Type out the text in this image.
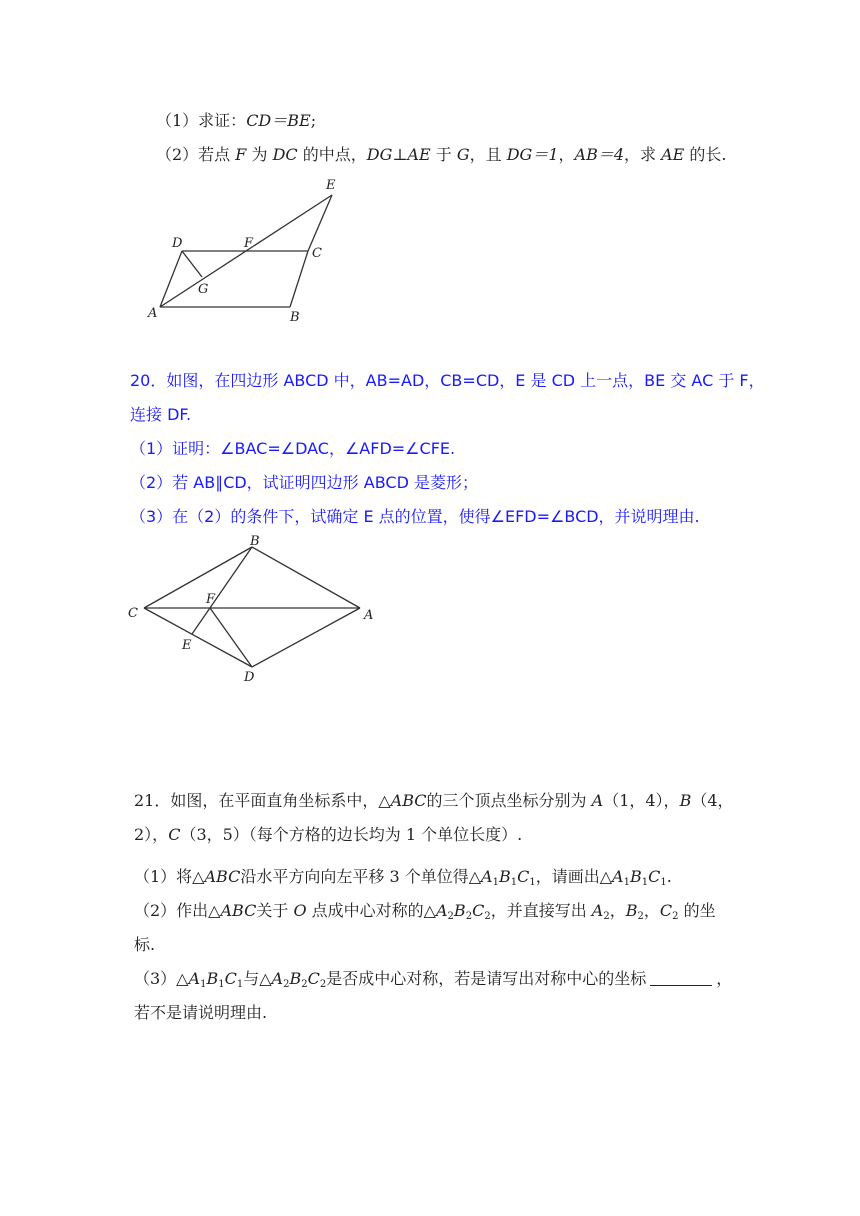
（1）求证：CD＝BE;
（2）若点 F 为 DC 的中点，DG⊥AE 于 G，且 DG＝1，AB＝4，求 AE 的长.
A	B
C
D
E
F
G
20．如图，在四边形 ABCD 中，AB=AD，CB=CD，E 是 CD 上一点，BE 交 AC 于 F，
连接 DF.
（1）证明：∠BAC=∠DAC，∠AFD=∠CFE.
（2）若 AB∥CD，试证明四边形 ABCD 是菱形；
（3）在（2）的条件下，试确定 E 点的位置，使得∠EFD=∠BCD，并说明理由.
B
C	A
F
E
D
21．如图，在平面直角坐标系中，△ABC的三个顶点坐标分别为 A（1，4），B（4，
2），C（3，5）（每个方格的边长均为 1 个单位长度）.
（1）将△ABC沿水平方向向左平移 3 个单位得$\triangle A_1B_1C_1$，请画出$\triangle A_1B_1C_1$.
（2）作出△ABC关于 O 点成中心对称的$\triangle A_2B_2C_2$，并直接写出 $A_2$，$B_2$，$C_2$ 的坐
标.
$(3)\triangle A_1B_1C_1$与$\triangle A_2B_2C_2$是否成中心对称，若是请写出对称中心的坐标	，
若不是请说明理由.
